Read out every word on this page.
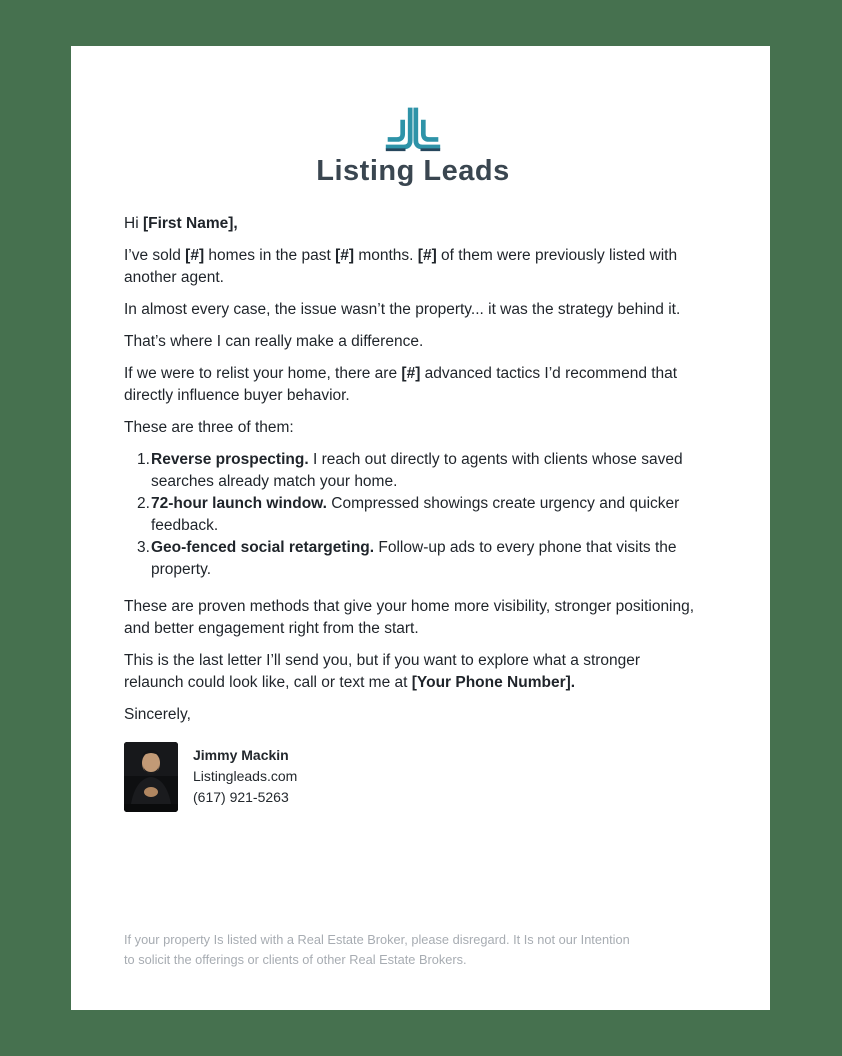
Listing Leads

Hi [First Name],

I’ve sold [#] homes in the past [#] months. [#] of them were previously listed with another agent.

In almost every case, the issue wasn’t the property... it was the strategy behind it.

That’s where I can really make a difference.

If we were to relist your home, there are [#] advanced tactics I’d recommend that directly influence buyer behavior.

These are three of them:

1. Reverse prospecting. I reach out directly to agents with clients whose saved searches already match your home.
2. 72-hour launch window. Compressed showings create urgency and quicker feedback.
3. Geo-fenced social retargeting. Follow-up ads to every phone that visits the property.

These are proven methods that give your home more visibility, stronger positioning, and better engagement right from the start.

This is the last letter I’ll send you, but if you want to explore what a stronger relaunch could look like, call or text me at [Your Phone Number].

Sincerely,

Jimmy Mackin
Listingleads.com
(617) 921-5263
If your property Is listed with a Real Estate Broker, please disregard. It Is not our Intention to solicit the offerings or clients of other Real Estate Brokers.
